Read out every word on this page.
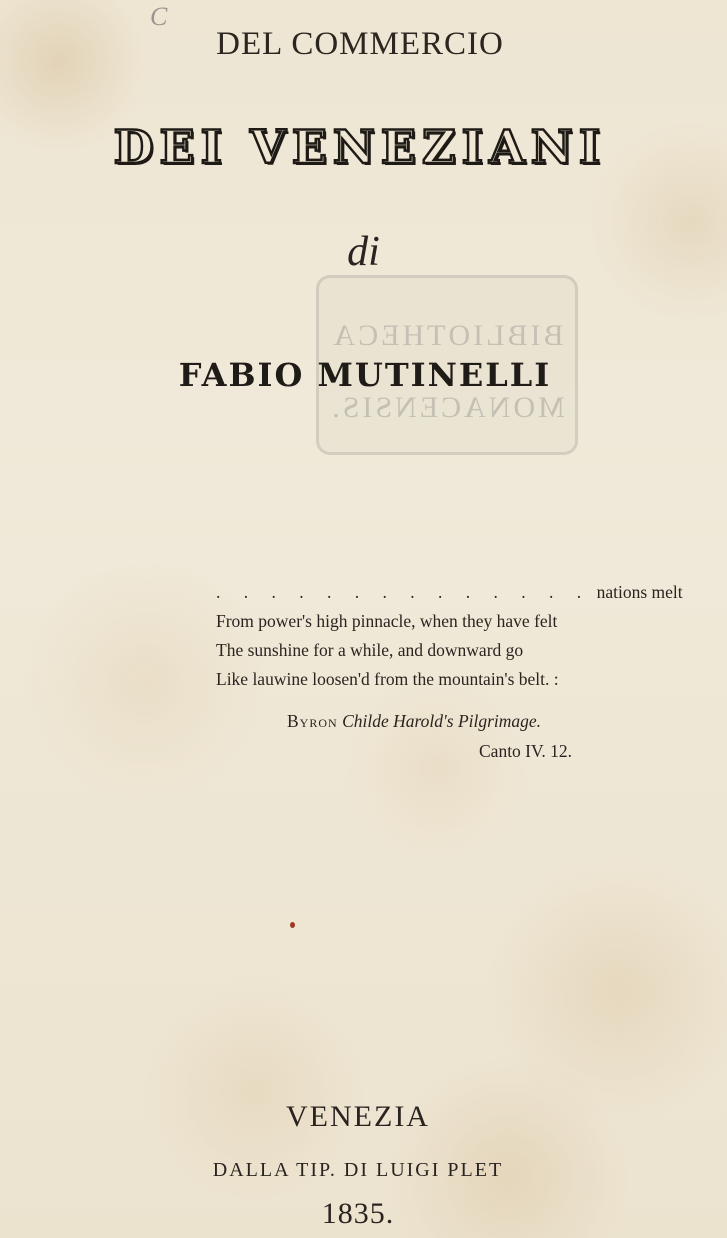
C
DEL COMMERCIO
DEI VENEZIANI
di
BIBLIOTHECA
MONACENSIS.
FABIO MUTINELLI
. . . . . . . . . . . . . . nations melt
From power's high pinnacle, when they have felt
The sunshine for a while, and downward go
Like lauwine loosen'd from the mountain's belt. :
Byron Childe Harold's Pilgrimage.
Canto IV. 12.
VENEZIA
DALLA TIP. DI LUIGI PLET
1835.
